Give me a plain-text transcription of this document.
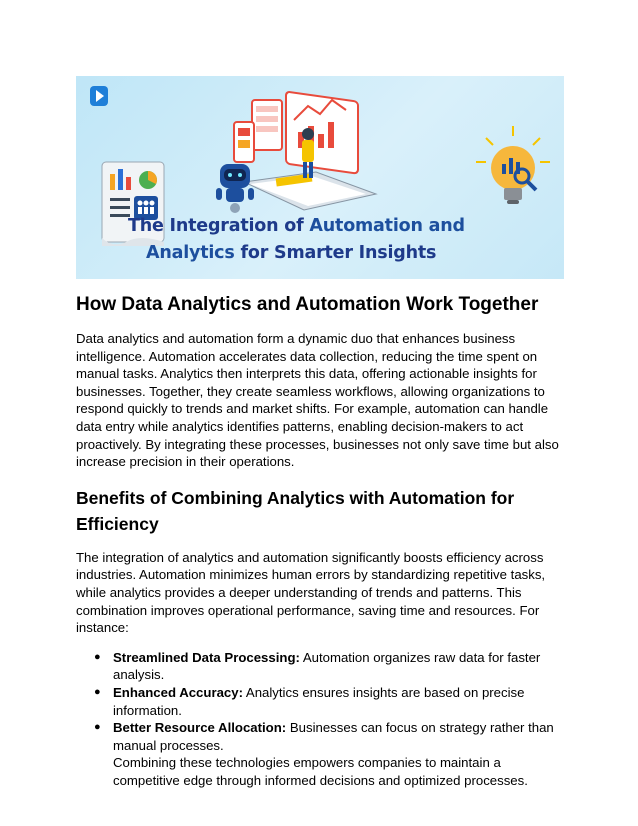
The Integration of Automation and
Analytics for Smarter Insights
How Data Analytics and Automation Work Together

Data analytics and automation form a dynamic duo that enhances business intelligence. Automation accelerates data collection, reducing the time spent on manual tasks. Analytics then interprets this data, offering actionable insights for businesses. Together, they create seamless workflows, allowing organizations to respond quickly to trends and market shifts. For example, automation can handle data entry while analytics identifies patterns, enabling decision-makers to act proactively. By integrating these processes, businesses not only save time but also increase precision in their operations.

Benefits of Combining Analytics with Automation for Efficiency

The integration of analytics and automation significantly boosts efficiency across industries. Automation minimizes human errors by standardizing repetitive tasks, while analytics provides a deeper understanding of trends and patterns. This combination improves operational performance, saving time and resources. For instance:

● Streamlined Data Processing: Automation organizes raw data for faster analysis.
● Enhanced Accuracy: Analytics ensures insights are based on precise information.
● Better Resource Allocation: Businesses can focus on strategy rather than manual processes.
Combining these technologies empowers companies to maintain a competitive edge through informed decisions and optimized processes.
